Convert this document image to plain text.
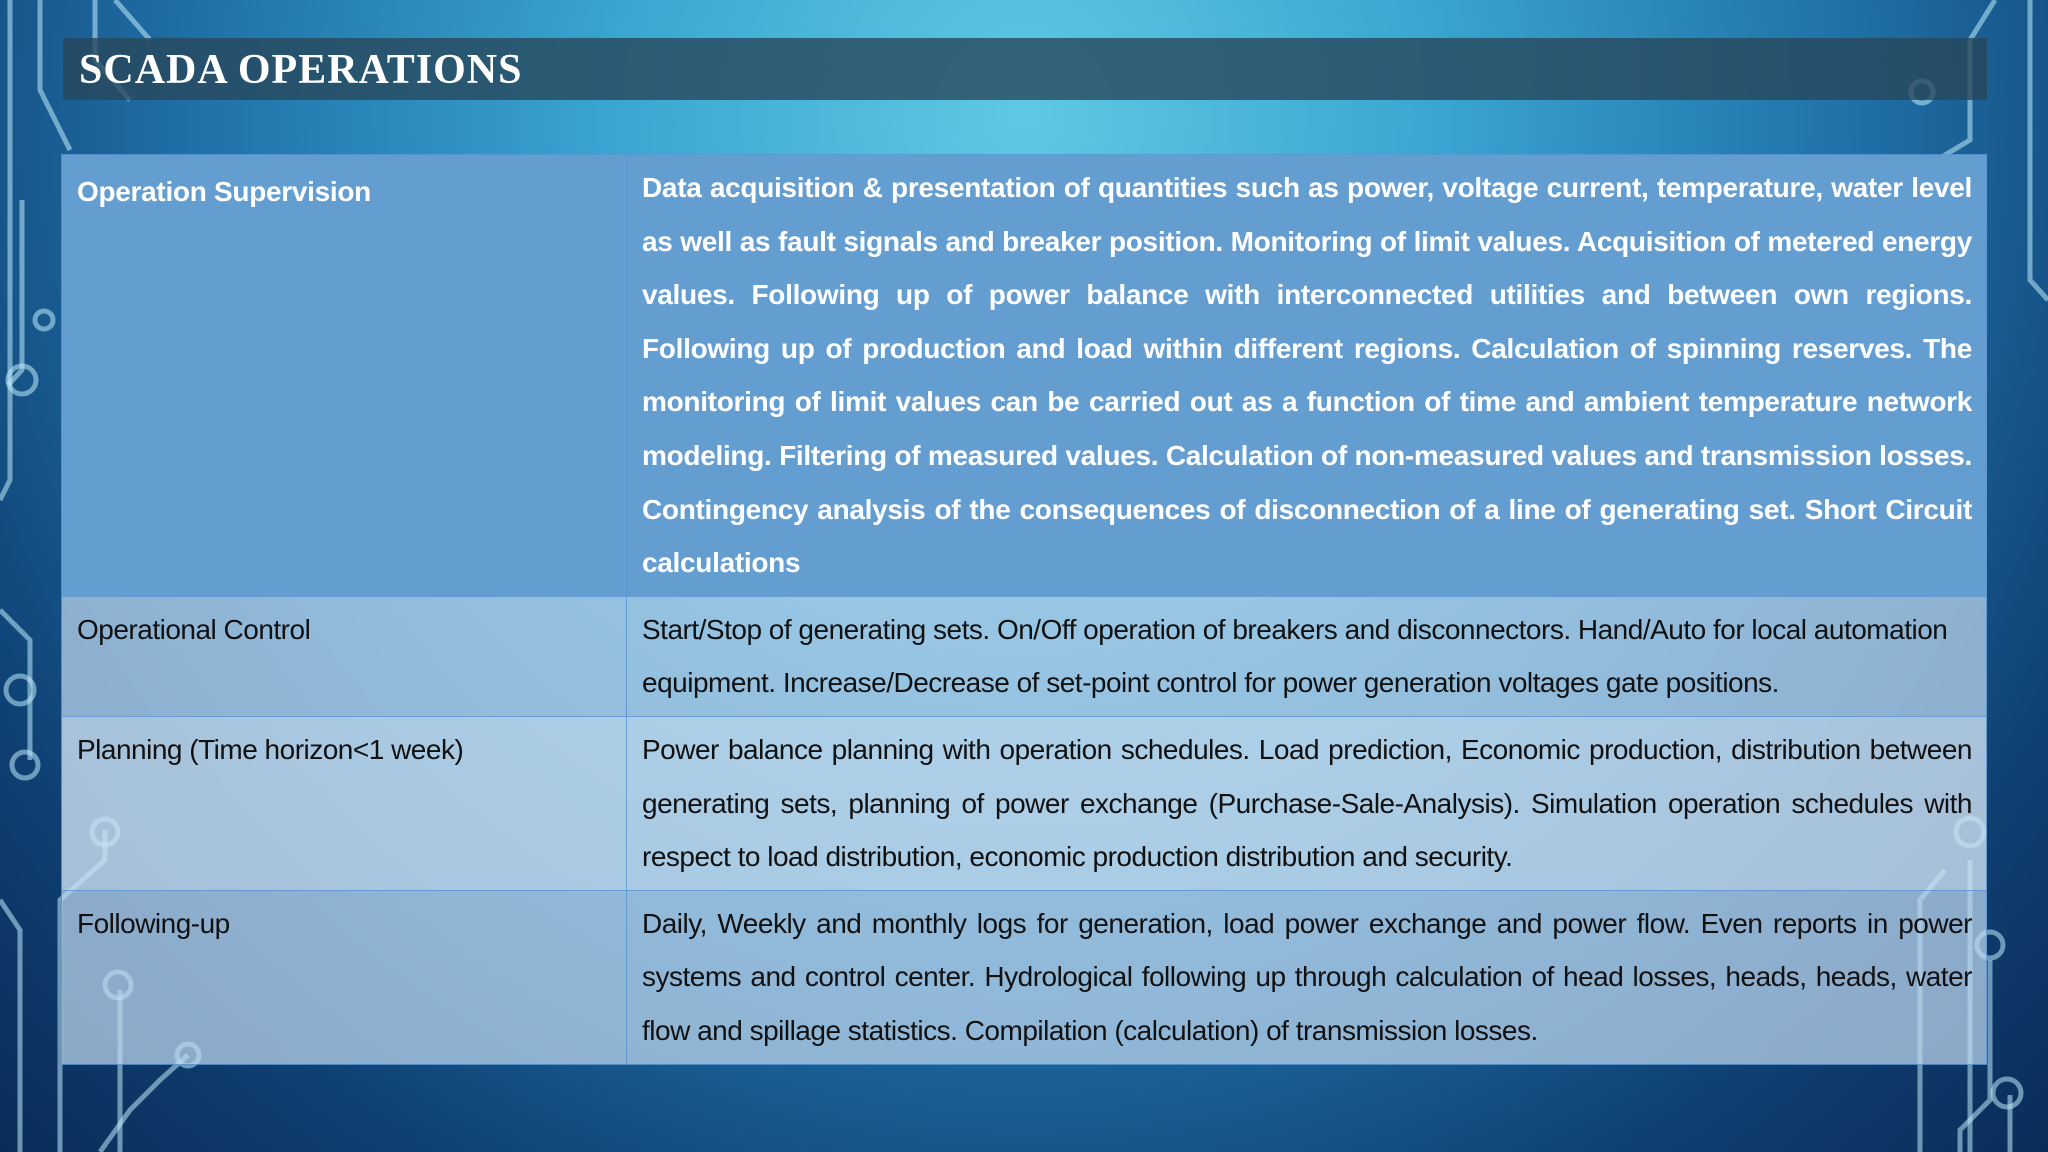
SCADA OPERATIONS
Operation Supervision	Data acquisition & presentation of quantities such as power, voltage current, temperature, water level as well as fault signals and breaker position. Monitoring of limit values. Acquisition of metered energy values. Following up of power balance with interconnected utilities and between own regions. Following up of production and load within different regions. Calculation of spinning reserves. The monitoring of limit values can be carried out as a function of time and ambient temperature network modeling. Filtering of measured values. Calculation of non-measured values and transmission losses. Contingency analysis of the consequences of disconnection of a line of generating set. Short Circuit calculations
Operational Control	Start/Stop of generating sets. On/Off operation of breakers and disconnectors. Hand/Auto for local automation equipment. Increase/Decrease of set-point control for power generation voltages gate positions.
Planning (Time horizon<1 week)	Power balance planning with operation schedules. Load prediction, Economic production, distribution between generating sets, planning of power exchange (Purchase-Sale-Analysis). Simulation operation schedules with respect to load distribution, economic production distribution and security.
Following-up	Daily, Weekly and monthly logs for generation, load power exchange and power flow. Even reports in power systems and control center. Hydrological following up through calculation of head losses, heads, heads, water flow and spillage statistics. Compilation (calculation) of transmission losses.
